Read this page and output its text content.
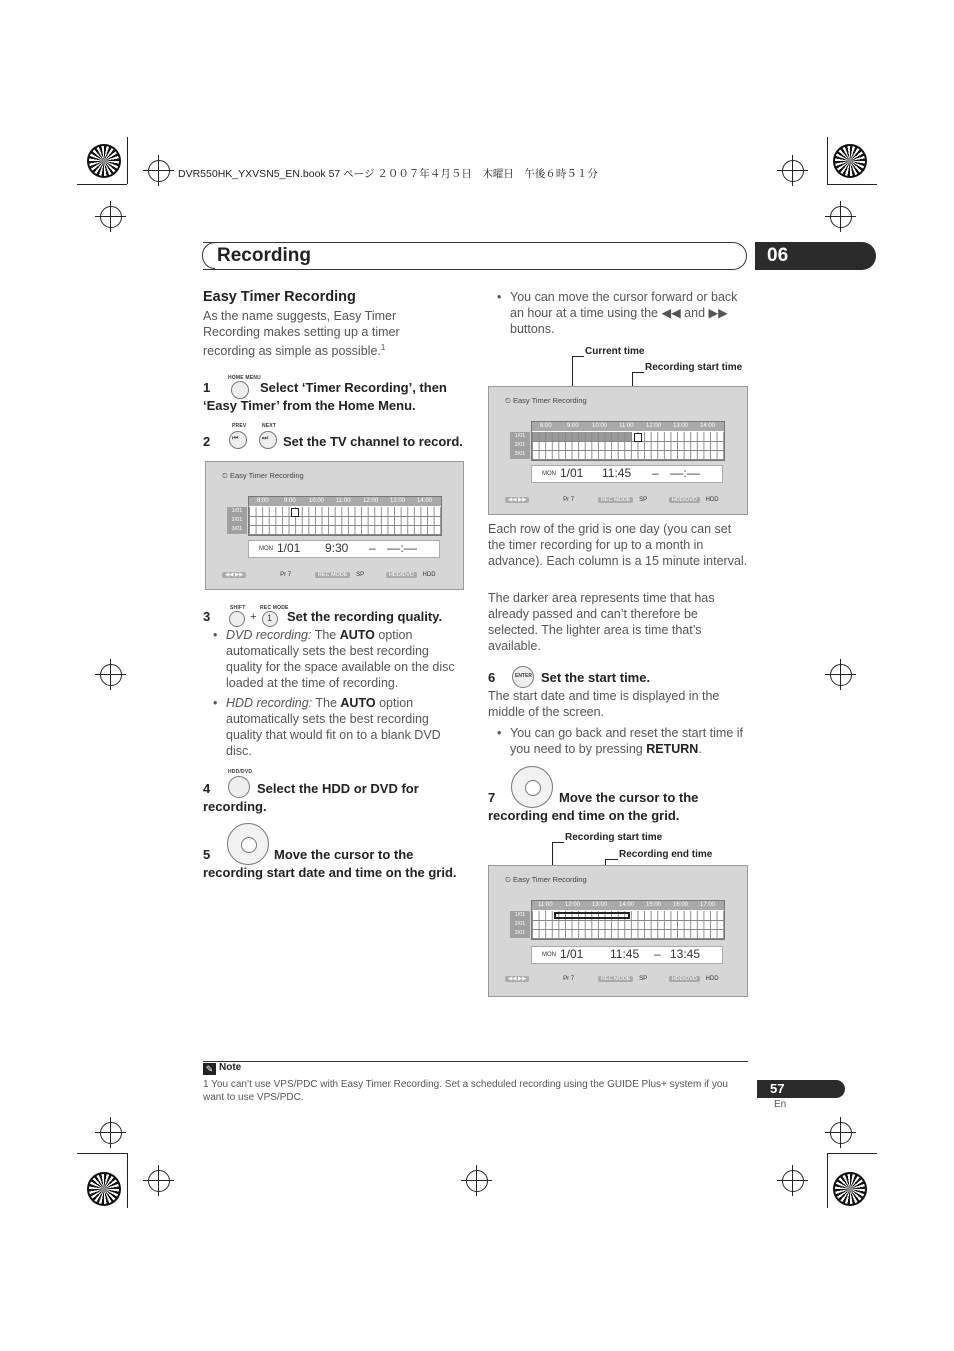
DVR550HK_YXVSN5_EN.book 57 ページ ２００７年４月５日　木曜日　午後６時５１分
Recording	06
Easy Timer Recording

As the name suggests, Easy Timer Recording makes setting up a timer recording as simple as possible.$^1$

1
HOME MENU
Select ‘Timer Recording’, then ‘Easy Timer’ from the Home Menu.
2
PREV
⏮
NEXT
⏭ Set the TV channel to record.
⏲ Easy Timer Recording
8:00	9:00 10:00 11:00 12:00 13:00 14:00
1/01
2/01
3/01
MON 1/01 9:30 – ––:––
◀◀ ▶▶	Pr 7	REC MODE SP	HDD/DVD HDD
3
SHIFT
+
REC MODE
1 Set the recording quality.
• DVD recording: The AUTO option automatically sets the best recording quality for the space available on the disc loaded at the time of recording.
• HDD recording: The AUTO option automatically sets the best recording quality that would fit on to a blank DVD disc.
HDD/DVD
4	Select the HDD or DVD for recording.
5	Move the cursor to the recording start date and time on the grid.
• You can move the cursor forward or back an hour at a time using the ◀◀ and ▶▶ buttons.
Current time
Recording start time
⏲ Easy Timer Recording
8:00	9:00 10:00 11:00 12:00 13:00 14:00
1/01
2/01
3/01
MON 1/01 11:45 – ––:––
◀◀ ▶▶	Pr 7	REC MODE SP	HDD/DVD HDD

Each row of the grid is one day (you can set the timer recording for up to a month in advance). Each column is a 15 minute interval.

The darker area represents time that has already passed and can’t therefore be selected. The lighter area is time that’s available.

6	ENTER Set the start time.

The start date and time is displayed in the middle of the screen.

• You can go back and reset the start time if you need to by pressing RETURN.
7	Move the cursor to the recording end time on the grid.
Recording start time
Recording end time
⏲ Easy Timer Recording
11:00 12:00 13:00 14:00 15:00 16:00 17:00
1/01
2/01
3/01
MON 1/01 11:45 – 13:45
◀◀ ▶▶	Pr 7	REC MODE SP	HDD/DVD HDD
✎ Note
1 You can’t use VPS/PDC with Easy Timer Recording. Set a scheduled recording using the GUIDE Plus+ system if you want to use VPS/PDC.
57
En
